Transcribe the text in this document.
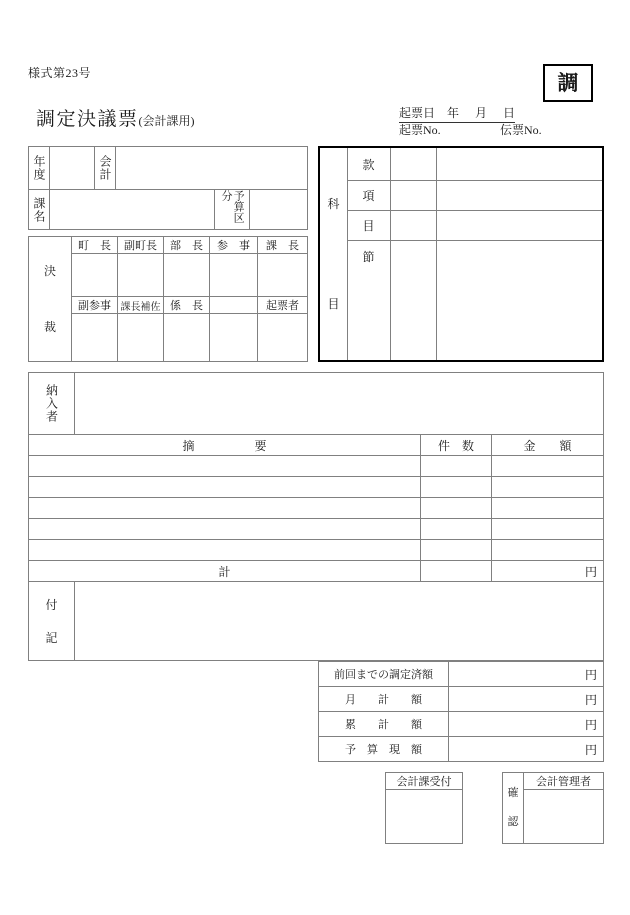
様式第23号
調定決議票(会計課用)
調
起票日 年 月 日
起票No.	伝票No.
年度	会計
課名	予算区分
決
裁
町　長 副町長 部　長 参　事 課　長
副参事 課長補佐 係　長	起票者
科
目
款
項
目
節
納入者
摘　　　　　要	件　数	金　　額
計	円
付
記
前回までの調定済額	円
月　　計　　額	円
累　　計　　額	円
予　算　現　額	円
会計課受付
確
認
会計管理者
